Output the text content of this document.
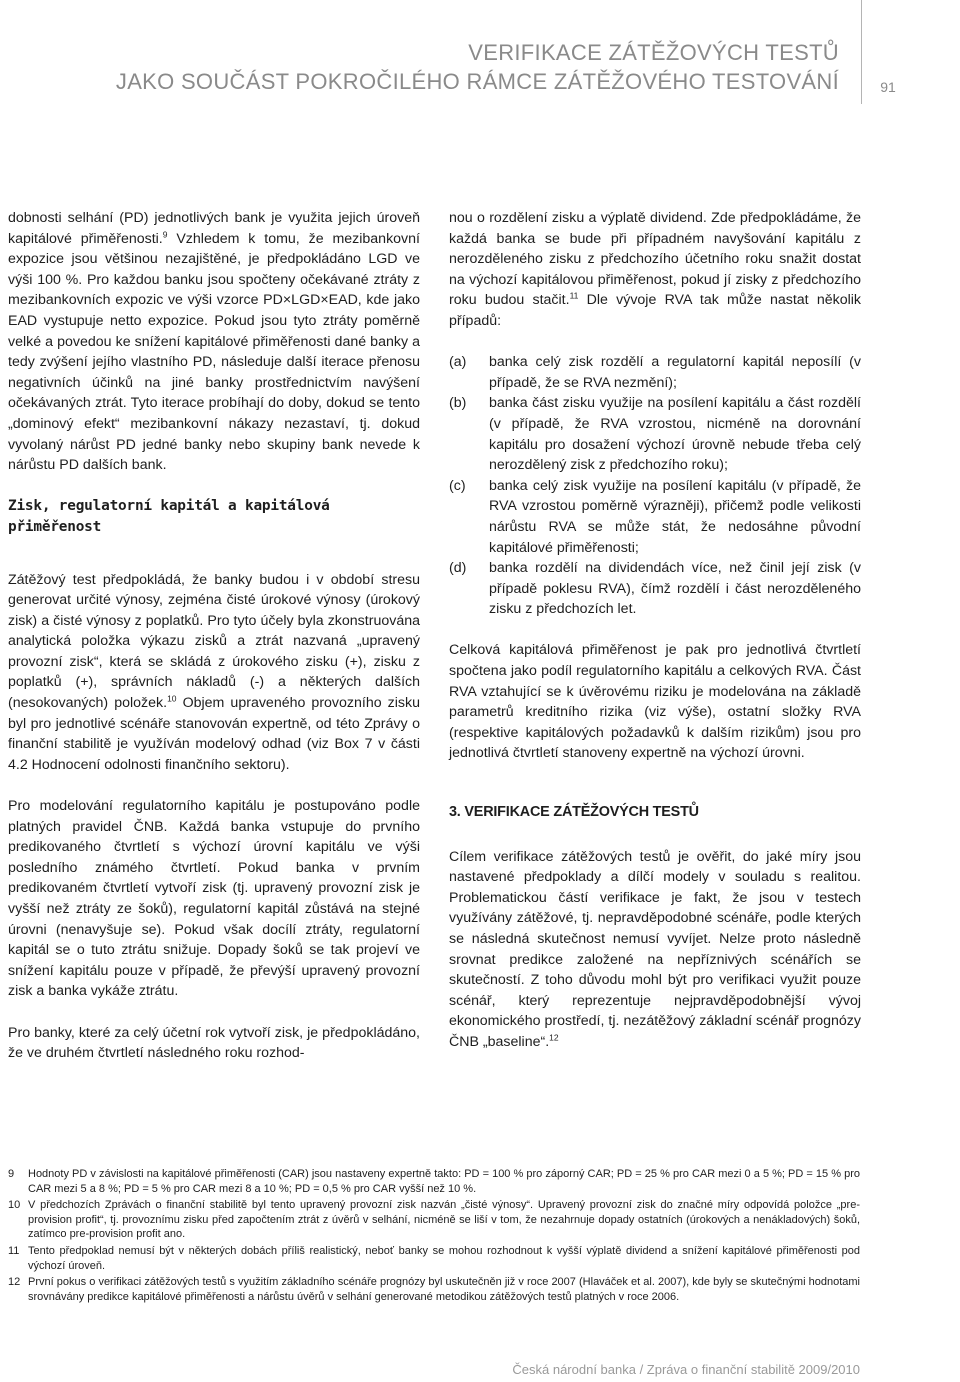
VERIFIKACE ZÁTĚŽOVÝCH TESTŮ
JAKO SOUČÁST POKROČILÉHO RÁMCE ZÁTĚŽOVÉHO TESTOVÁNÍ	91

dobnosti selhání (PD) jednotlivých bank je využita jejich úroveň kapitálové přiměřenosti.$^9$ Vzhledem k tomu, že mezibankovní expozice jsou většinou nezajištěné, je předpokládáno LGD ve výši 100 %. Pro každou banku jsou spočteny očekávané ztráty z mezibankovních expozic ve výši vzorce PD×LGD×EAD, kde jako EAD vystupuje netto expozice. Pokud jsou tyto ztráty poměrně velké a povedou ke snížení kapitálové přiměřenosti dané banky a tedy zvýšení jejího vlastního PD, následuje další iterace přenosu negativních účinků na jiné banky prostřednictvím navýšení očekávaných ztrát. Tyto iterace probíhají do doby, dokud se tento „dominový efekt“ mezibankovní nákazy nezastaví, tj. dokud vyvolaný nárůst PD jedné banky nebo skupiny bank nevede k nárůstu PD dalších bank.

Zisk, regulatorní kapitál a kapitálová přiměřenost

Zátěžový test předpokládá, že banky budou i v období stresu generovat určité výnosy, zejména čisté úrokové výnosy (úrokový zisk) a čisté výnosy z poplatků. Pro tyto účely byla zkonstruována analytická položka výkazu zisků a ztrát nazvaná „upravený provozní zisk“, která se skládá z úrokového zisku (+), zisku z poplatků (+), správních nákladů (-) a některých dalších (nesokovaných) položek.$^{10}$ Objem upraveného provozního zisku byl pro jednotlivé scénáře stanovován expertně, od této Zprávy o finanční stabilitě je využíván modelový odhad (viz Box 7 v části 4.2 Hodnocení odolnosti finančního sektoru).

Pro modelování regulatorního kapitálu je postupováno podle platných pravidel ČNB. Každá banka vstupuje do prvního predikovaného čtvrtletí s výchozí úrovní kapitálu ve výši posledního známého čtvrtletí. Pokud banka v prvním predikovaném čtvrtletí vytvoří zisk (tj. upravený provozní zisk je vyšší než ztráty ze šoků), regulatorní kapitál zůstává na stejné úrovni (nenavyšuje se). Pokud však docílí ztráty, regulatorní kapitál se o tuto ztrátu snižuje. Dopady šoků se tak projeví ve snížení kapitálu pouze v případě, že převýší upravený provozní zisk a banka vykáže ztrátu.

Pro banky, které za celý účetní rok vytvoří zisk, je předpokládáno, že ve druhém čtvrtletí následného roku rozhod-

nou o rozdělení zisku a výplatě dividend. Zde předpokládáme, že každá banka se bude při případném navyšování kapitálu z nerozděleného zisku z předchozího účetního roku snažit dostat na výchozí kapitálovou přiměřenost, pokud jí zisky z předchozího roku budou stačit.$^{11}$ Dle vývoje RVA tak může nastat několik případů:

(a)	banka celý zisk rozdělí a regulatorní kapitál neposílí (v případě, že se RVA nezmění);
(b)	banka část zisku využije na posílení kapitálu a část rozdělí (v případě, že RVA vzrostou, nicméně na dorovnání kapitálu pro dosažení výchozí úrovně nebude třeba celý nerozdělený zisk z předchozího roku);
(c)	banka celý zisk využije na posílení kapitálu (v případě, že RVA vzrostou poměrně výrazněji), přičemž podle velikosti nárůstu RVA se může stát, že nedosáhne původní kapitálové přiměřenosti;
(d)	banka rozdělí na dividendách více, než činil její zisk (v případě poklesu RVA), čímž rozdělí i část nerozděleného zisku z předchozích let.

Celková kapitálová přiměřenost je pak pro jednotlivá čtvrtletí spočtena jako podíl regulatorního kapitálu a celkových RVA. Část RVA vztahující se k úvěrovému riziku je modelována na základě parametrů kreditního rizika (viz výše), ostatní složky RVA (respektive kapitálových požadavků k dalším rizikům) jsou pro jednotlivá čtvrtletí stanoveny expertně na výchozí úrovni.

3. VERIFIKACE ZÁTĚŽOVÝCH TESTŮ

Cílem verifikace zátěžových testů je ověřit, do jaké míry jsou nastavené předpoklady a dílčí modely v souladu s realitou. Problematickou částí verifikace je fakt, že jsou v testech využívány zátěžové, tj. nepravděpodobné scénáře, podle kterých se následná skutečnost nemusí vyvíjet. Nelze proto následně srovnat predikce založené na nepříznivých scénářích se skutečností. Z toho důvodu mohl být pro verifikaci využit pouze scénář, který reprezentuje nejpravděpodobnější vývoj ekonomického prostředí, tj. nezátěžový základní scénář prognózy ČNB „baseline“.$^{12}$

9	Hodnoty PD v závislosti na kapitálové přiměřenosti (CAR) jsou nastaveny expertně takto: PD = 100 % pro záporný CAR; PD = 25 % pro CAR mezi 0 a 5 %; PD = 15 % pro CAR mezi 5 a 8 %; PD = 5 % pro CAR mezi 8 a 10 %; PD = 0,5 % pro CAR vyšší než 10 %.
10 V předchozích Zprávách o finanční stabilitě byl tento upravený provozní zisk nazván „čisté výnosy“. Upravený provozní zisk do značné míry odpovídá položce „pre-provision profit“, tj. provoznímu zisku před započtením ztrát z úvěrů v selhání, nicméně se liší v tom, že nezahrnuje dopady ostatních (úrokových a nenákladových) šoků, zatímco pre-provision profit ano.
11 Tento předpoklad nemusí být v některých dobách příliš realistický, neboť banky se mohou rozhodnout k vyšší výplatě dividend a snížení kapitálové přiměřenosti pod výchozí úroveň.
12 První pokus o verifikaci zátěžových testů s využitím základního scénáře prognózy byl uskutečněn již v roce 2007 (Hlaváček et al. 2007), kde byly se skutečnými hodnotami srovnávány predikce kapitálové přiměřenosti a nárůstu úvěrů v selhání generované metodikou zátěžových testů platných v roce 2006.
Česká národní banka / Zpráva o finanční stabilitě 2009/2010
